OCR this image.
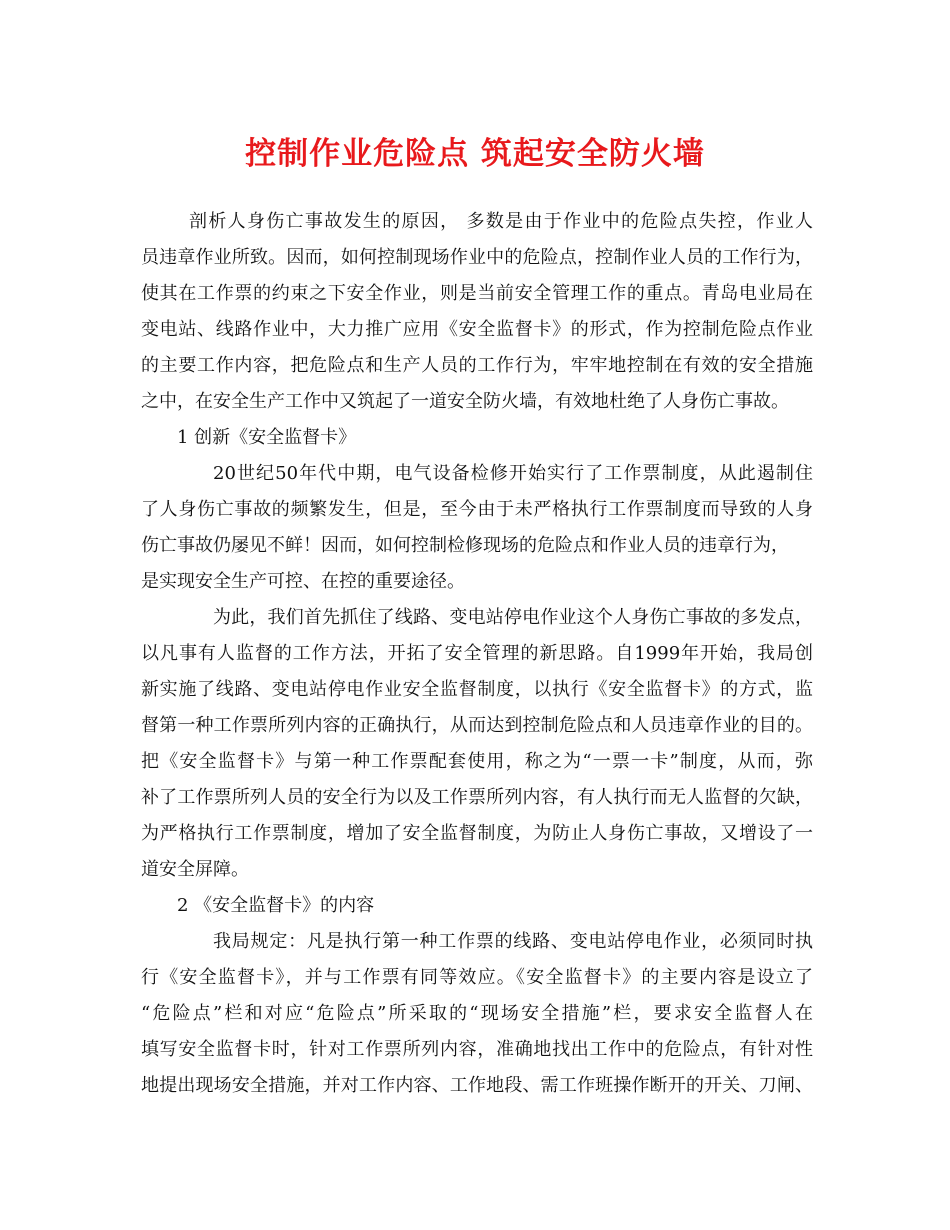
控制作业危险点 筑起安全防火墙
剖析人身伤亡事故发生的原因， 多数是由于作业中的危险点失控，作业人
员违章作业所致。因而，如何控制现场作业中的危险点，控制作业人员的工作行为，
使其在工作票的约束之下安全作业，则是当前安全管理工作的重点。青岛电业局在
变电站、线路作业中，大力推广应用《安全监督卡》的形式，作为控制危险点作业
的主要工作内容，把危险点和生产人员的工作行为，牢牢地控制在有效的安全措施
之中，在安全生产工作中又筑起了一道安全防火墙，有效地杜绝了人身伤亡事故。
1 创新《安全监督卡》
20世纪50年代中期，电气设备检修开始实行了工作票制度，从此遏制住
了人身伤亡事故的频繁发生，但是，至今由于未严格执行工作票制度而导致的人身
伤亡事故仍屡见不鲜！因而，如何控制检修现场的危险点和作业人员的违章行为，
是实现安全生产可控、在控的重要途径。
为此，我们首先抓住了线路、变电站停电作业这个人身伤亡事故的多发点，
以凡事有人监督的工作方法，开拓了安全管理的新思路。自1999年开始，我局创
新实施了线路、变电站停电作业安全监督制度，以执行《安全监督卡》的方式，监
督第一种工作票所列内容的正确执行，从而达到控制危险点和人员违章作业的目的。
把《安全监督卡》与第一种工作票配套使用，称之为“一票一卡”制度，从而，弥
补了工作票所列人员的安全行为以及工作票所列内容，有人执行而无人监督的欠缺，
为严格执行工作票制度，增加了安全监督制度，为防止人身伤亡事故，又增设了一
道安全屏障。
2 《安全监督卡》的内容
我局规定：凡是执行第一种工作票的线路、变电站停电作业，必须同时执
行《安全监督卡》，并与工作票有同等效应。《安全监督卡》的主要内容是设立了
“危险点”栏和对应“危险点”所采取的“现场安全措施”栏，要求安全监督人在
填写安全监督卡时，针对工作票所列内容，准确地找出工作中的危险点，有针对性
地提出现场安全措施，并对工作内容、工作地段、需工作班操作断开的开关、刀闸、
